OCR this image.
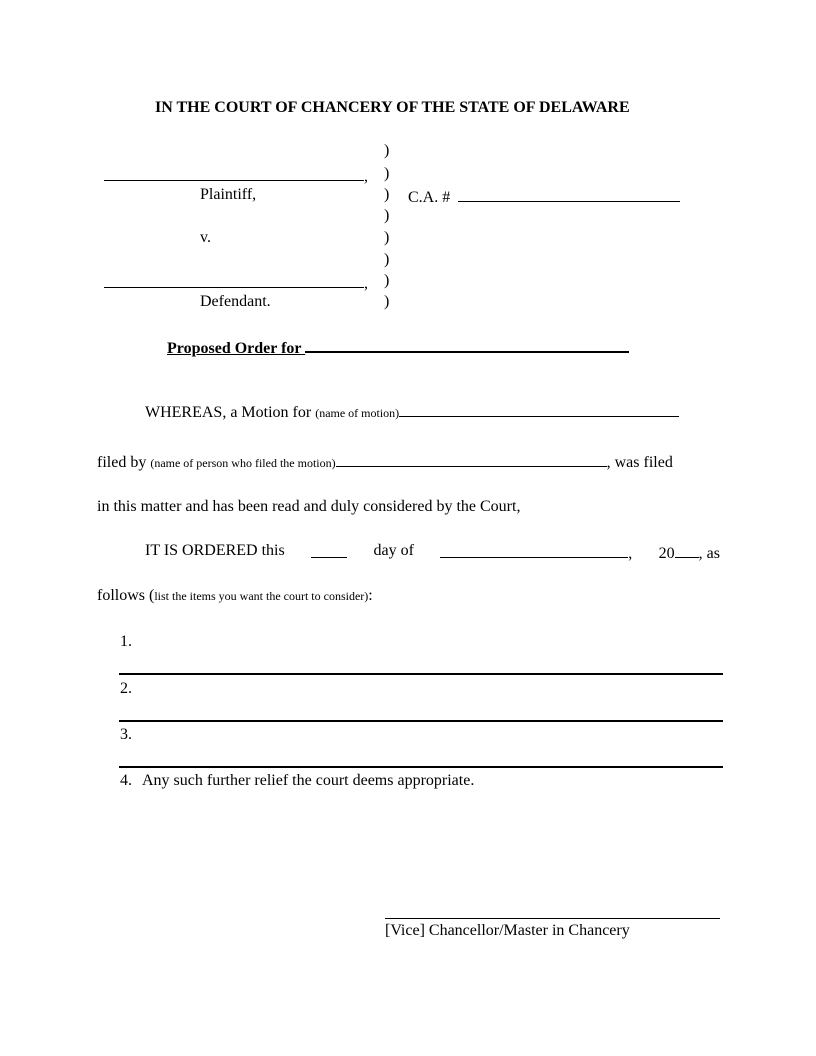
IN THE COURT OF CHANCERY OF THE STATE OF DELAWARE
)
)
)
)
)
)
)
)
,
Plaintiff,	C.A. #
v.
,
Defendant.
Proposed Order for
WHEREAS, a Motion for (name of motion)
filed by (name of person who filed the motion)	, was filed
in this matter and has been read and duly considered by the Court,
IT IS ORDERED this	day of	, 20 , as
follows (list the items you want the court to consider):
1.
2.
3.
4. Any such further relief the court deems appropriate.
[Vice] Chancellor/Master in Chancery
